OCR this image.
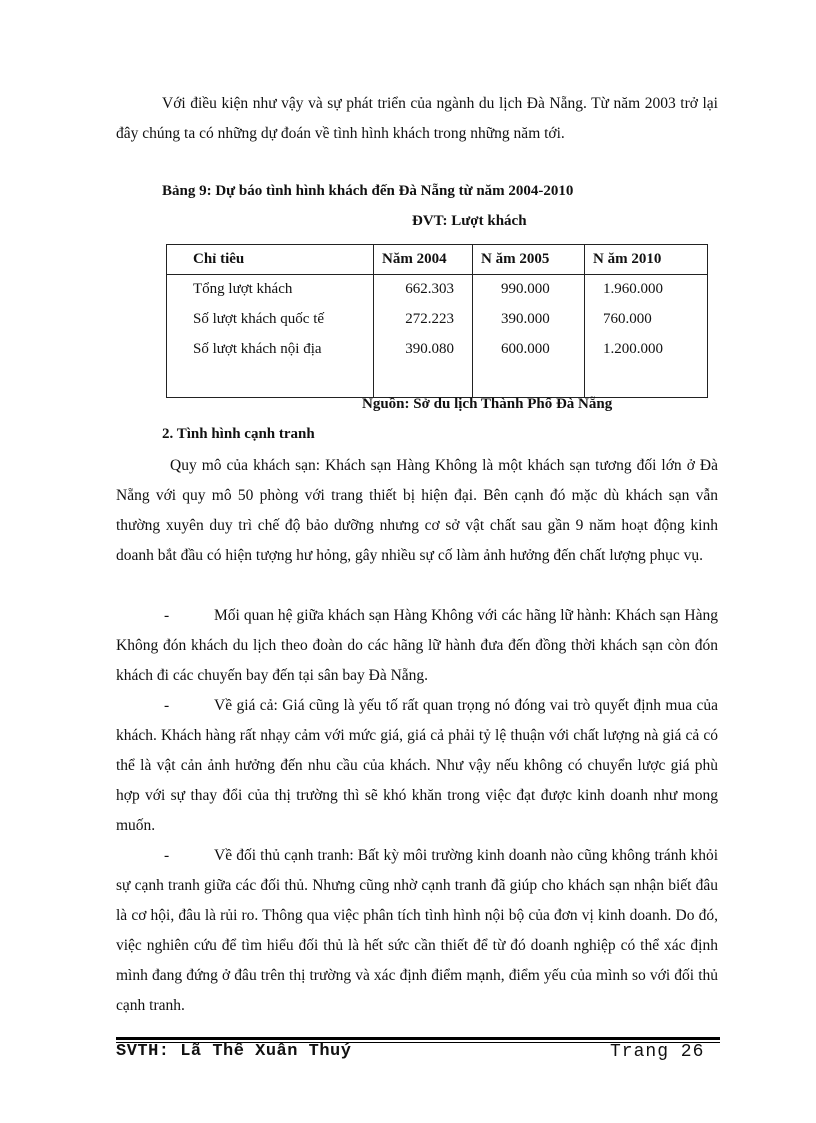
Với điều kiện như vậy và sự phát triển của ngành du lịch Đà Nẵng. Từ năm 2003 trở lại đây chúng ta có những dự đoán về tình hình khách trong những năm tới.

Bảng 9: Dự báo tình hình khách đến Đà Nẵng từ năm 2004-2010
ĐVT: Lượt khách
Chỉ tiêu	Năm 2004	N ăm 2005	N ăm 2010
Tổng lượt khách	662.303	990.000	1.960.000
Số lượt khách quốc tế	272.223	390.000	760.000
Số lượt khách nội địa	390.080	600.000	1.200.000

Nguồn: Sở du lịch Thành Phố Đà Nẵng
2. Tình hình cạnh tranh

Quy mô của khách sạn: Khách sạn Hàng Không là một khách sạn tương đối lớn ở Đà Nẵng với quy mô 50 phòng với trang thiết bị hiện đại. Bên cạnh đó mặc dù khách sạn vẫn thường xuyên duy trì chế độ bảo dưỡng nhưng cơ sở vật chất sau gần 9 năm hoạt động kinh doanh bắt đầu có hiện tượng hư hỏng, gây nhiều sự cố làm ảnh hưởng đến chất lượng phục vụ.

-	Mối quan hệ giữa khách sạn Hàng Không với các hãng lữ hành: Khách sạn Hàng Không đón khách du lịch theo đoàn do các hãng lữ hành đưa đến đồng thời khách sạn còn đón khách đi các chuyến bay đến tại sân bay Đà Nẵng.

-	Về giá cả: Giá cũng là yếu tố rất quan trọng nó đóng vai trò quyết định mua của khách. Khách hàng rất nhạy cảm với mức giá, giá cả phải tỷ lệ thuận với chất lượng nà giá cả có thể là vật cản ảnh hưởng đến nhu cầu của khách. Như vậy nếu không có chuyển lược giá phù hợp với sự thay đổi của thị trường thì sẽ khó khăn trong việc đạt được kinh doanh như mong muốn.

-	Về đối thủ cạnh tranh: Bất kỳ môi trường kinh doanh nào cũng không tránh khỏi sự cạnh tranh giữa các đối thủ. Nhưng cũng nhờ cạnh tranh đã giúp cho khách sạn nhận biết đâu là cơ hội, đâu là rủi ro. Thông qua việc phân tích tình hình nội bộ của đơn vị kinh doanh. Do đó, việc nghiên cứu để tìm hiểu đối thủ là hết sức cần thiết để từ đó doanh nghiệp có thể xác định mình đang đứng ở đâu trên thị trường và xác định điểm mạnh, điểm yếu của mình so với đối thủ cạnh tranh.

SVTH: Lã Thế Xuân Thuý	Trang 26
